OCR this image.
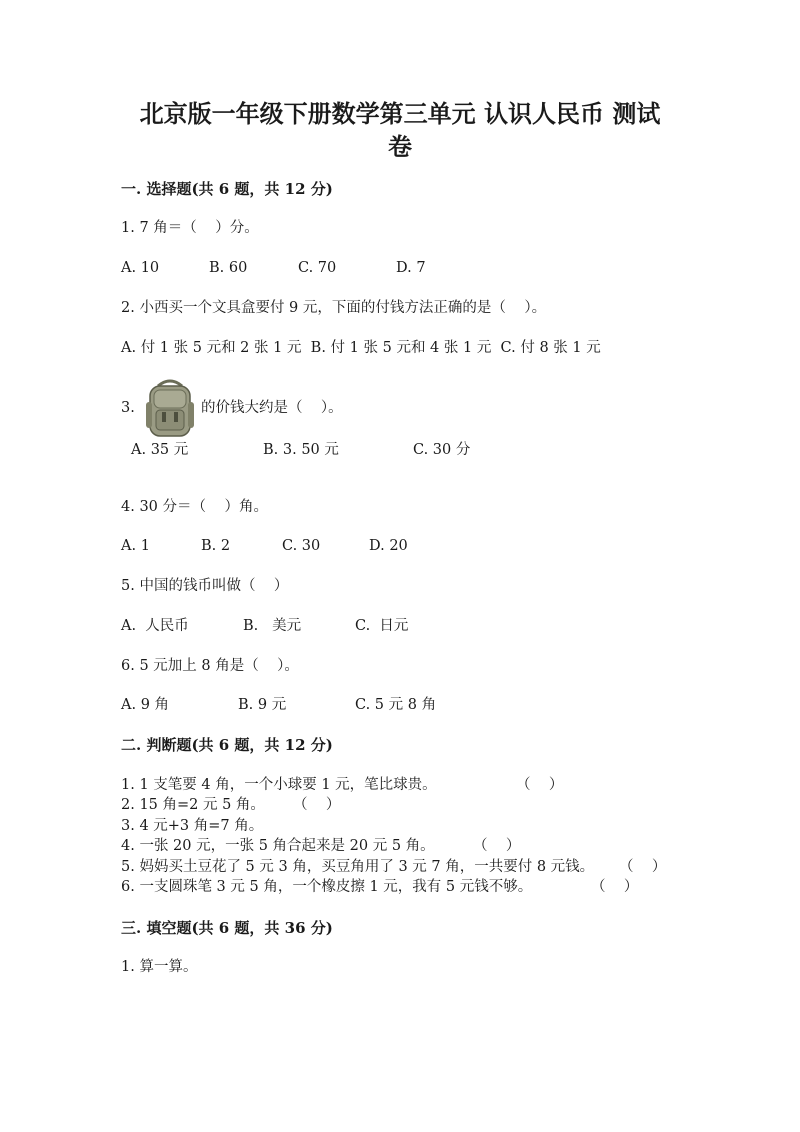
北京版一年级下册数学第三单元 认识人民币 测试
卷
一. 选择题(共 6 题，共 12 分)
1. 7 角＝（    ）分。
A. 10	B. 60	C. 70	D. 7
2. 小西买一个文具盒要付 9 元，下面的付钱方法正确的是（    ）。
A. 付 1 张 5 元和 2 张 1 元  B. 付 1 张 5 元和 4 张 1 元  C. 付 8 张 1 元
3.	的价钱大约是（    ）。
A. 35 元	B. 3. 50 元	C. 30 分
4. 30 分＝（    ）角。
A. 1	B. 2	C. 30	D. 20
5. 中国的钱币叫做（    ）
A.  人民币	B.   美元	C.  日元
6. 5 元加上 8 角是（    ）。
A. 9 角	B. 9 元	C. 5 元 8 角
二. 判断题(共 6 题，共 12 分)
1. 1 支笔要 4 角，一个小球要 1 元，笔比球贵。	（    ）
2. 15 角=2 元 5 角。 （    ）
3. 4 元+3 角=7 角。
4. 一张 20 元，一张 5 角合起来是 20 元 5 角。	（    ）
5. 妈妈买土豆花了 5 元 3 角，买豆角用了 3 元 7 角，一共要付 8 元钱。 （    ）
6. 一支圆珠笔 3 元 5 角，一个橡皮擦 1 元，我有 5 元钱不够。	（    ）
三. 填空题(共 6 题，共 36 分)
1. 算一算。
